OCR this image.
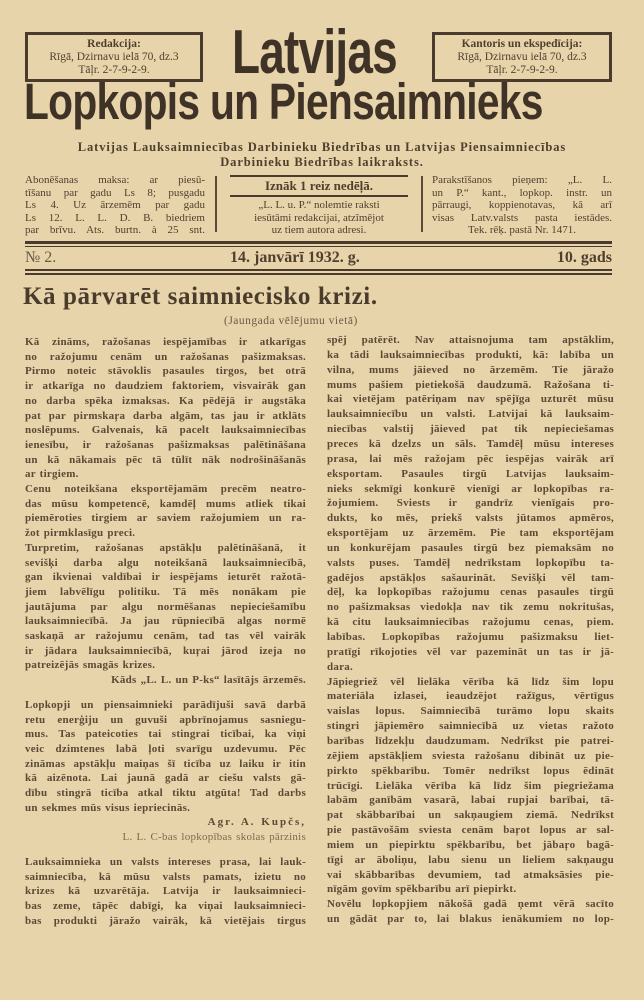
Redakcija:
Rīgā, Dzirnavu ielā 70, dz.3
Tāļr. 2-7-9-2-9.
Kantoris un ekspedīcija:
Rīgā, Dzirnavu ielā 70, dz.3
Tāļr. 2-7-9-2-9.
Latvijas
Lopkopis un Piensaimnieks
Latvijas Lauksaimniecības Darbinieku Biedrības un Latvijas Piensaimniecības
Darbinieku Biedrības laikraksts.
Abonēšanas maksa: ar piesū-
tīšanu par gadu Ls 8; pusgadu
Ls 4. Uz ārzemēm par gadu
Ls 12. L. L. D. B. biedriem
par brīvu. Ats. burtn. à 25 snt.
Iznāk 1 reiz nedēļā.
„L. L. u. P.“ nolemtie raksti
iesūtāmi redakcijai, atzīmējot
uz tiem autora adresi.
Parakstīšanos pieņem: „L. L.
un P.“ kant., lopkop. instr. un
pārraugi, koppienotavas, kā arī
visas Latv.valsts pasta iestādes.
Tek. rēķ. pastā Nr. 1471.
№ 2.	14. janvārī 1932. g.	10. gads
Kā pārvarēt saimniecisko krizi.
(Jaungada vēlējumu vietā)
Kā zināms, ražošanas iespējamības ir atkarīgas
no ražojumu cenām un ražošanas pašizmaksas.
Pirmo noteic stāvoklis pasaules tirgos, bet otrā
ir atkarīga no daudziem faktoriem, visvairāk gan
no darba spēka izmaksas. Ka pēdējā ir augstāka
pat par pirmskaŗa darba algām, tas jau ir atklāts
noslēpums. Galvenais, kā pacelt lauksaimniecības
ienesību, ir ražošanas pašizmaksas palētināšana
un kā nākamais pēc tā tūlīt nāk nodrošināšanās
ar tirgiem.
Cenu noteikšana eksportējamām precēm neatro-
das mūsu kompetencē, kamdēļ mums atliek tikai
piemēroties tirgiem ar saviem ražojumiem un ra-
žot pirmklasīgu preci.
Turpretim, ražošanas apstākļu palētināšanā, it
sevišķi darba algu noteikšanā lauksaimniecībā,
gan ikvienai valdībai ir iespējams ieturēt ražotā-
jiem labvēlīgu politiku. Tā mēs nonākam pie
jautājuma par algu normēšanas nepieciešamību
lauksaimniecībā. Ja jau rūpniecībā algas normē
saskaņā ar ražojumu cenām, tad tas vēl vairāk
ir jādara lauksaimniecībā, kuŗai jārod izeja no
patreizējās smagās krizes.
Kāds „L. L. un P-ks“ lasītājs ārzemēs.
Lopkopji un piensaimnieki parādījuši savā darbā
retu enerģiju un guvuši apbrīnojamus sasniegu-
mus. Tas pateicoties tai stingrai ticībai, ka viņi
veic dzimtenes labā ļoti svarīgu uzdevumu. Pēc
zināmas apstākļu maiņas šī ticība uz laiku ir itin
kā aizēnota. Lai jaunā gadā ar ciešu valsts gā-
dību stingrā ticība atkal tiktu atgūta! Tad darbs
un sekmes mūs visus iepriecinās.
Agr. A. Kupčs,
L. L. C-bas lopkopības skolas pārzinis
Lauksaimnieka un valsts intereses prasa, lai lauk-
saimniecība, kā mūsu valsts pamats, izietu no
krizes kā uzvarētāja. Latvija ir lauksaimnieci-
bas zeme, tāpēc dabīgi, ka viņai lauksaimnieci-
bas produkti jāražo vairāk, kā vietējais tirgus
spēj patērēt. Nav attaisnojuma tam apstāklim,
ka tādi lauksaimniecības produkti, kā: labība un
vilna, mums jāieved no ārzemēm. Tie jāražo
mums pašiem pietiekošā daudzumā. Ražošana ti-
kai vietējam patēriņam nav spējīga uzturēt mūsu
lauksaimniecību un valsti. Latvijai kā lauksaim-
niecības valstij jāieved pat tik nepieciešamas
preces kā dzelzs un sāls. Tamdēļ mūsu intereses
prasa, lai mēs ražojam pēc iespējas vairāk arī
eksportam. Pasaules tirgū Latvijas lauksaim-
nieks sekmīgi konkurē vienīgi ar lopkopības ra-
žojumiem. Sviests ir gandrīz vienīgais pro-
dukts, ko mēs, priekš valsts jūtamos apmēros,
eksportējam uz ārzemēm. Pie tam eksportējam
un konkurējam pasaules tirgū bez piemaksām no
valsts puses. Tamdēļ nedrīkstam lopkopību ta-
gadējos apstākļos sašaurināt. Sevišķi vēl tam-
dēļ, ka lopkopības ražojumu cenas pasaules tirgū
no pašizmaksas viedokļa nav tik zemu nokritušas,
kā citu lauksaimniecības ražojumu cenas, piem.
labības. Lopkopības ražojumu pašizmaksu liet-
pratīgi rīkojoties vēl var pazemināt un tas ir jā-
dara.
Jāpiegriež vēl lielāka vērība kā līdz šim lopu
materiāla izlasei, ieaudzējot ražīgus, vērtīgus
vaislas lopus. Saimniecībā turāmo lopu skaits
stingri jāpiemēro saimniecībā uz vietas ražoto
barības līdzekļu daudzumam. Nedrīkst pie patrei-
zējiem apstākļiem sviesta ražošanu dibināt uz pie-
pirkto spēkbarību. Tomēr nedrīkst lopus ēdināt
trūcīgi. Lielāka vērība kā līdz šim piegriežama
labām ganībām vasarā, labai rupjai barībai, tā-
pat skābbarībai un sakņaugiem ziemā. Nedrīkst
pie pastāvošām sviesta cenām baŗot lopus ar sal-
miem un piepirktu spēkbarību, bet jābaŗo bagā-
tīgi ar āboliņu, labu sienu un lieliem sakņaugu
vai skābbarības devumiem, tad atmaksāsies pie-
nīgām govīm spēkbarību arī piepirkt.
Novēlu lopkopjiem nākošā gadā ņemt vērā sacīto
un gādāt par to, lai blakus ienākumiem no lop-
